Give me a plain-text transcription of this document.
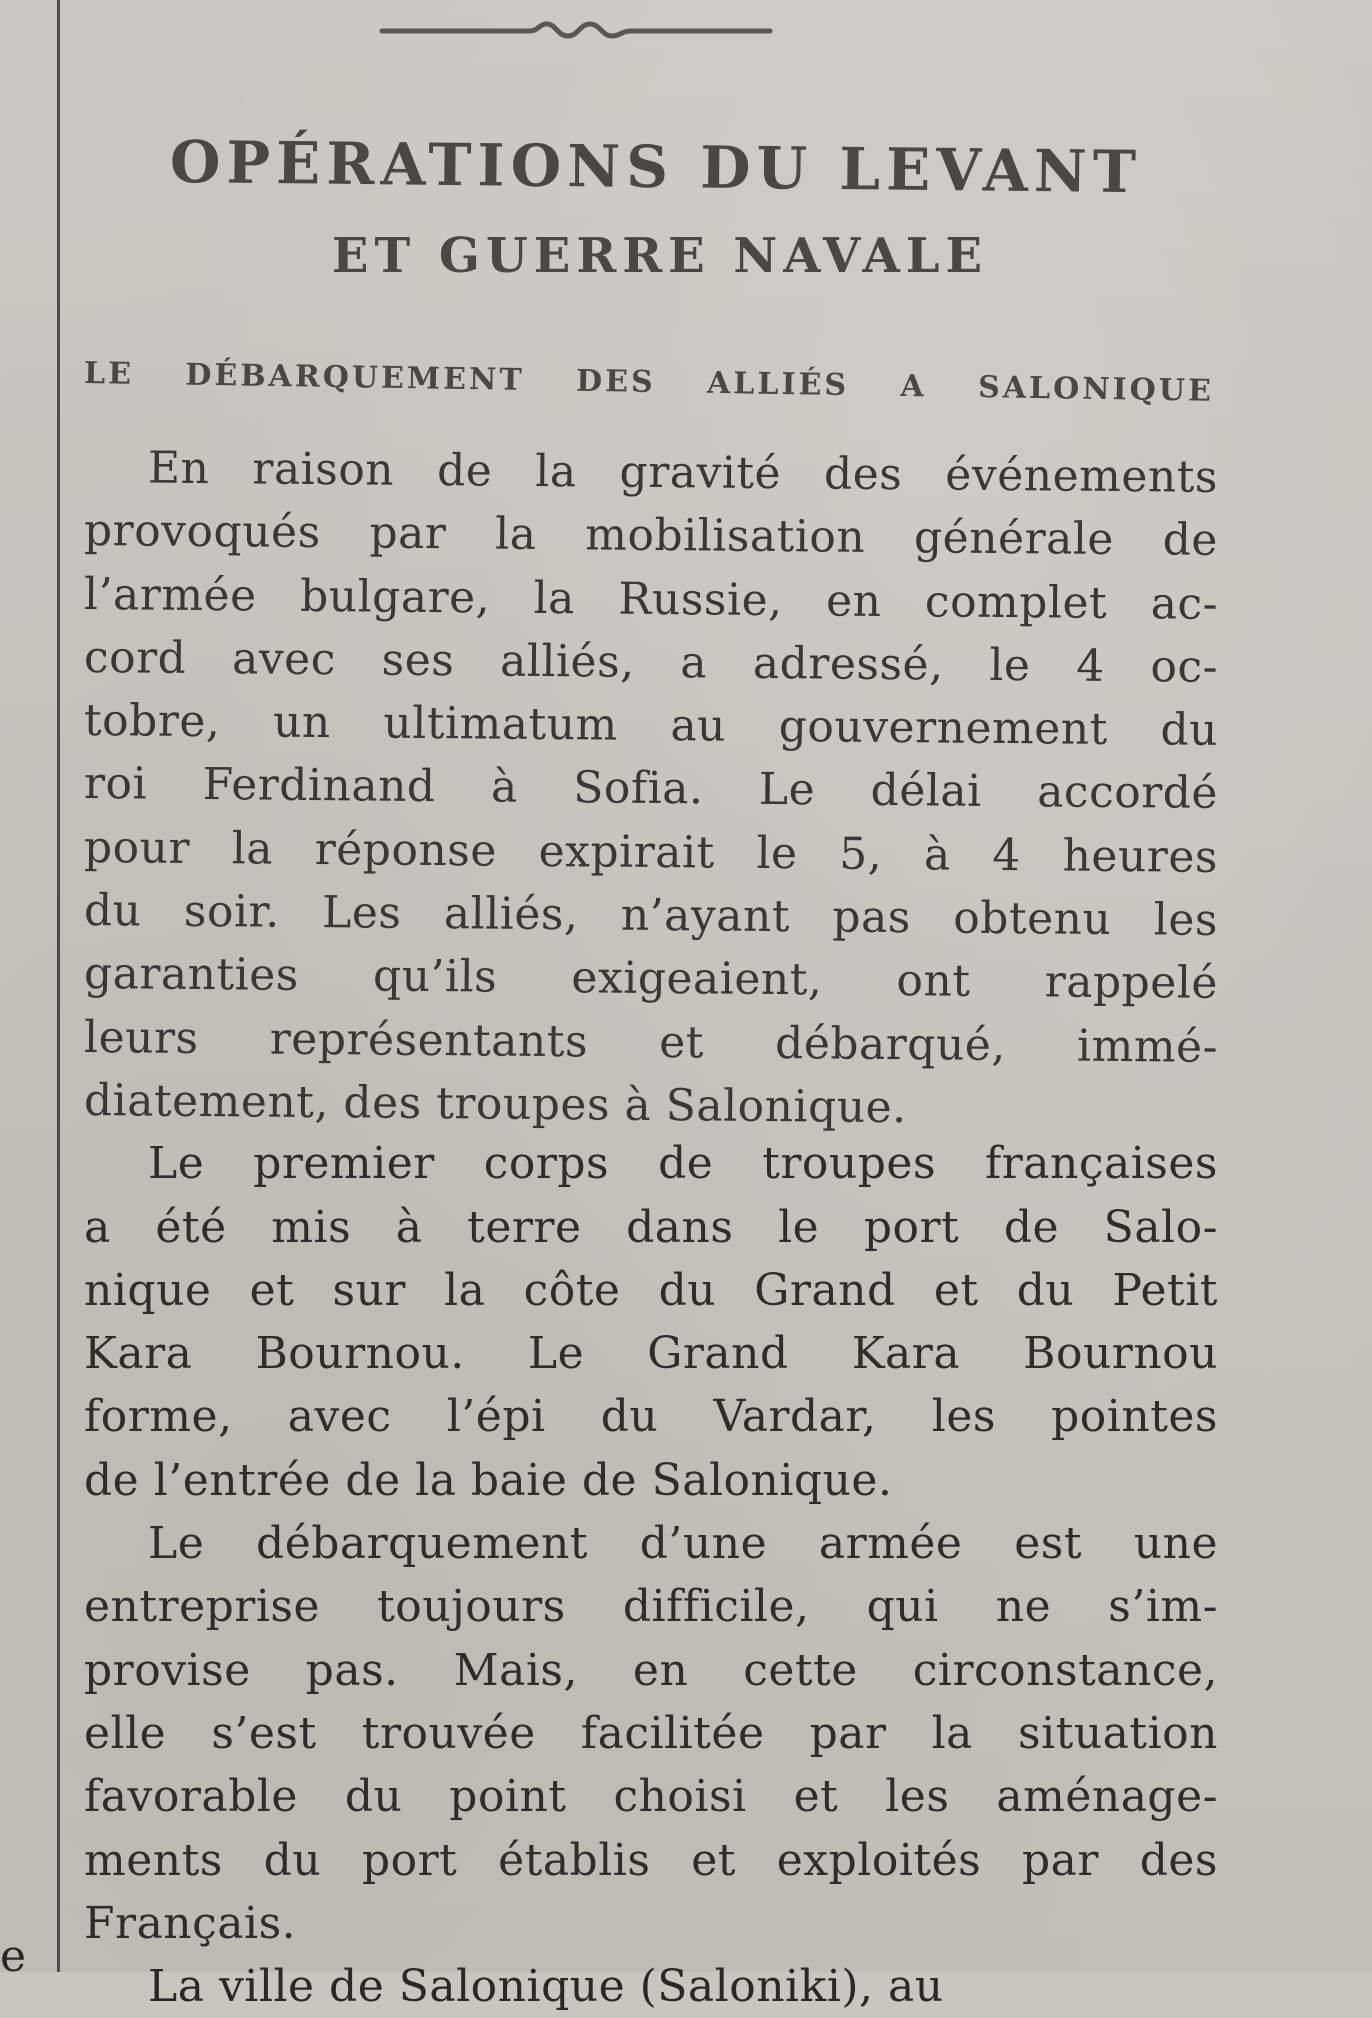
e
OPÉRATIONS DU LEVANT
ET GUERRE NAVALE
LE DÉBARQUEMENT DES ALLIÉS A SALONIQUE
En raison de la gravité des événements
provoqués par la mobilisation générale de
l’armée bulgare, la Russie, en complet ac-
cord avec ses alliés, a adressé, le 4 oc-
tobre, un ultimatum au gouvernement du
roi Ferdinand à Sofia. Le délai accordé
pour la réponse expirait le 5, à 4 heures
du soir. Les alliés, n’ayant pas obtenu les
garanties qu’ils exigeaient, ont rappelé
leurs représentants et débarqué, immé-
diatement, des troupes à Salonique.
Le premier corps de troupes françaises
a été mis à terre dans le port de Salo-
nique et sur la côte du Grand et du Petit
Kara Bournou. Le Grand Kara Bournou
forme, avec l’épi du Vardar, les pointes
de l’entrée de la baie de Salonique.
Le débarquement d’une armée est une
entreprise toujours difficile, qui ne s’im-
provise pas. Mais, en cette circonstance,
elle s’est trouvée facilitée par la situation
favorable du point choisi et les aménage-
ments du port établis et exploités par des
Français.
La ville de Salonique (Saloniki), au
